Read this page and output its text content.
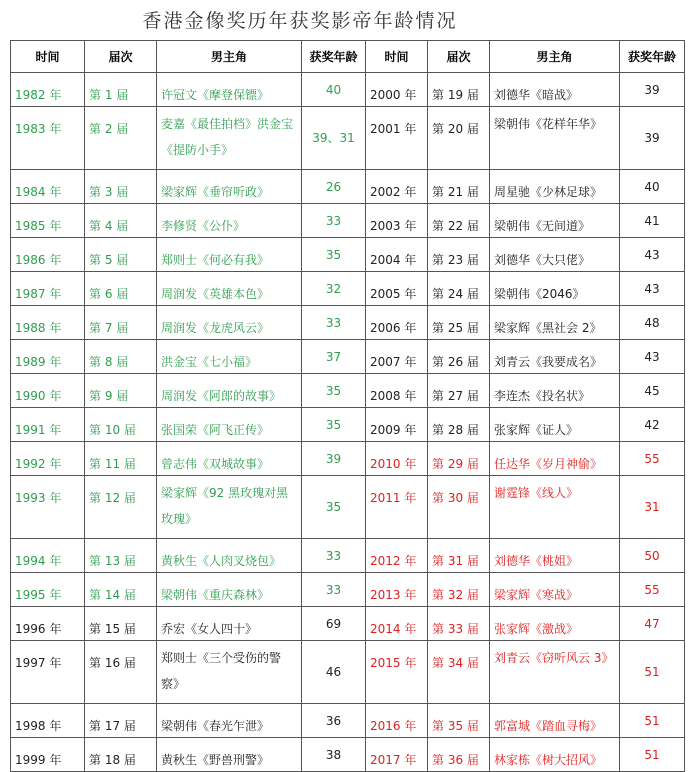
香港金像奖历年获奖影帝年龄情况
时间	届次	男主角	获奖年龄	时间	届次	男主角	获奖年龄
1982 年	第 1 届	许冠文《摩登保镖》	40	2000 年	第 19 届	刘德华《暗战》	39
1983 年	第 2 届	麦嘉《最佳拍档》洪金宝《提防小手》	39、31	2001 年	第 20 届	梁朝伟《花样年华》	39
1984 年	第 3 届	梁家辉《垂帘听政》	26	2002 年	第 21 届	周星驰《少林足球》	40
1985 年	第 4 届	李修贤《公仆》	33	2003 年	第 22 届	梁朝伟《无间道》	41
1986 年	第 5 届	郑则士《何必有我》	35	2004 年	第 23 届	刘德华《大只佬》	43
1987 年	第 6 届	周润发《英雄本色》	32	2005 年	第 24 届	梁朝伟《2046》	43
1988 年	第 7 届	周润发《龙虎风云》	33	2006 年	第 25 届	梁家辉《黑社会 2》	48
1989 年	第 8 届	洪金宝《七小福》	37	2007 年	第 26 届	刘青云《我要成名》	43
1990 年	第 9 届	周润发《阿郎的故事》	35	2008 年	第 27 届	李连杰《投名状》	45
1991 年	第 10 届	张国荣《阿飞正传》	35	2009 年	第 28 届	张家辉《证人》	42
1992 年	第 11 届	曾志伟《双城故事》	39	2010 年	第 29 届	任达华《岁月神偷》	55
1993 年	第 12 届	梁家辉《92 黑玫瑰对黑玫瑰》	35	2011 年	第 30 届	谢霆锋《线人》	31
1994 年	第 13 届	黄秋生《人肉叉烧包》	33	2012 年	第 31 届	刘德华《桃姐》	50
1995 年	第 14 届	梁朝伟《重庆森林》	33	2013 年	第 32 届	梁家辉《寒战》	55
1996 年	第 15 届	乔宏《女人四十》	69	2014 年	第 33 届	张家辉《激战》	47
1997 年	第 16 届	郑则士《三个受伤的警察》	46	2015 年	第 34 届	刘青云《窃听风云 3》	51
1998 年	第 17 届	梁朝伟《春光乍泄》	36	2016 年	第 35 届	郭富城《踏血寻梅》	51
1999 年	第 18 届	黄秋生《野兽刑警》	38	2017 年	第 36 届	林家栋《树大招风》	51
